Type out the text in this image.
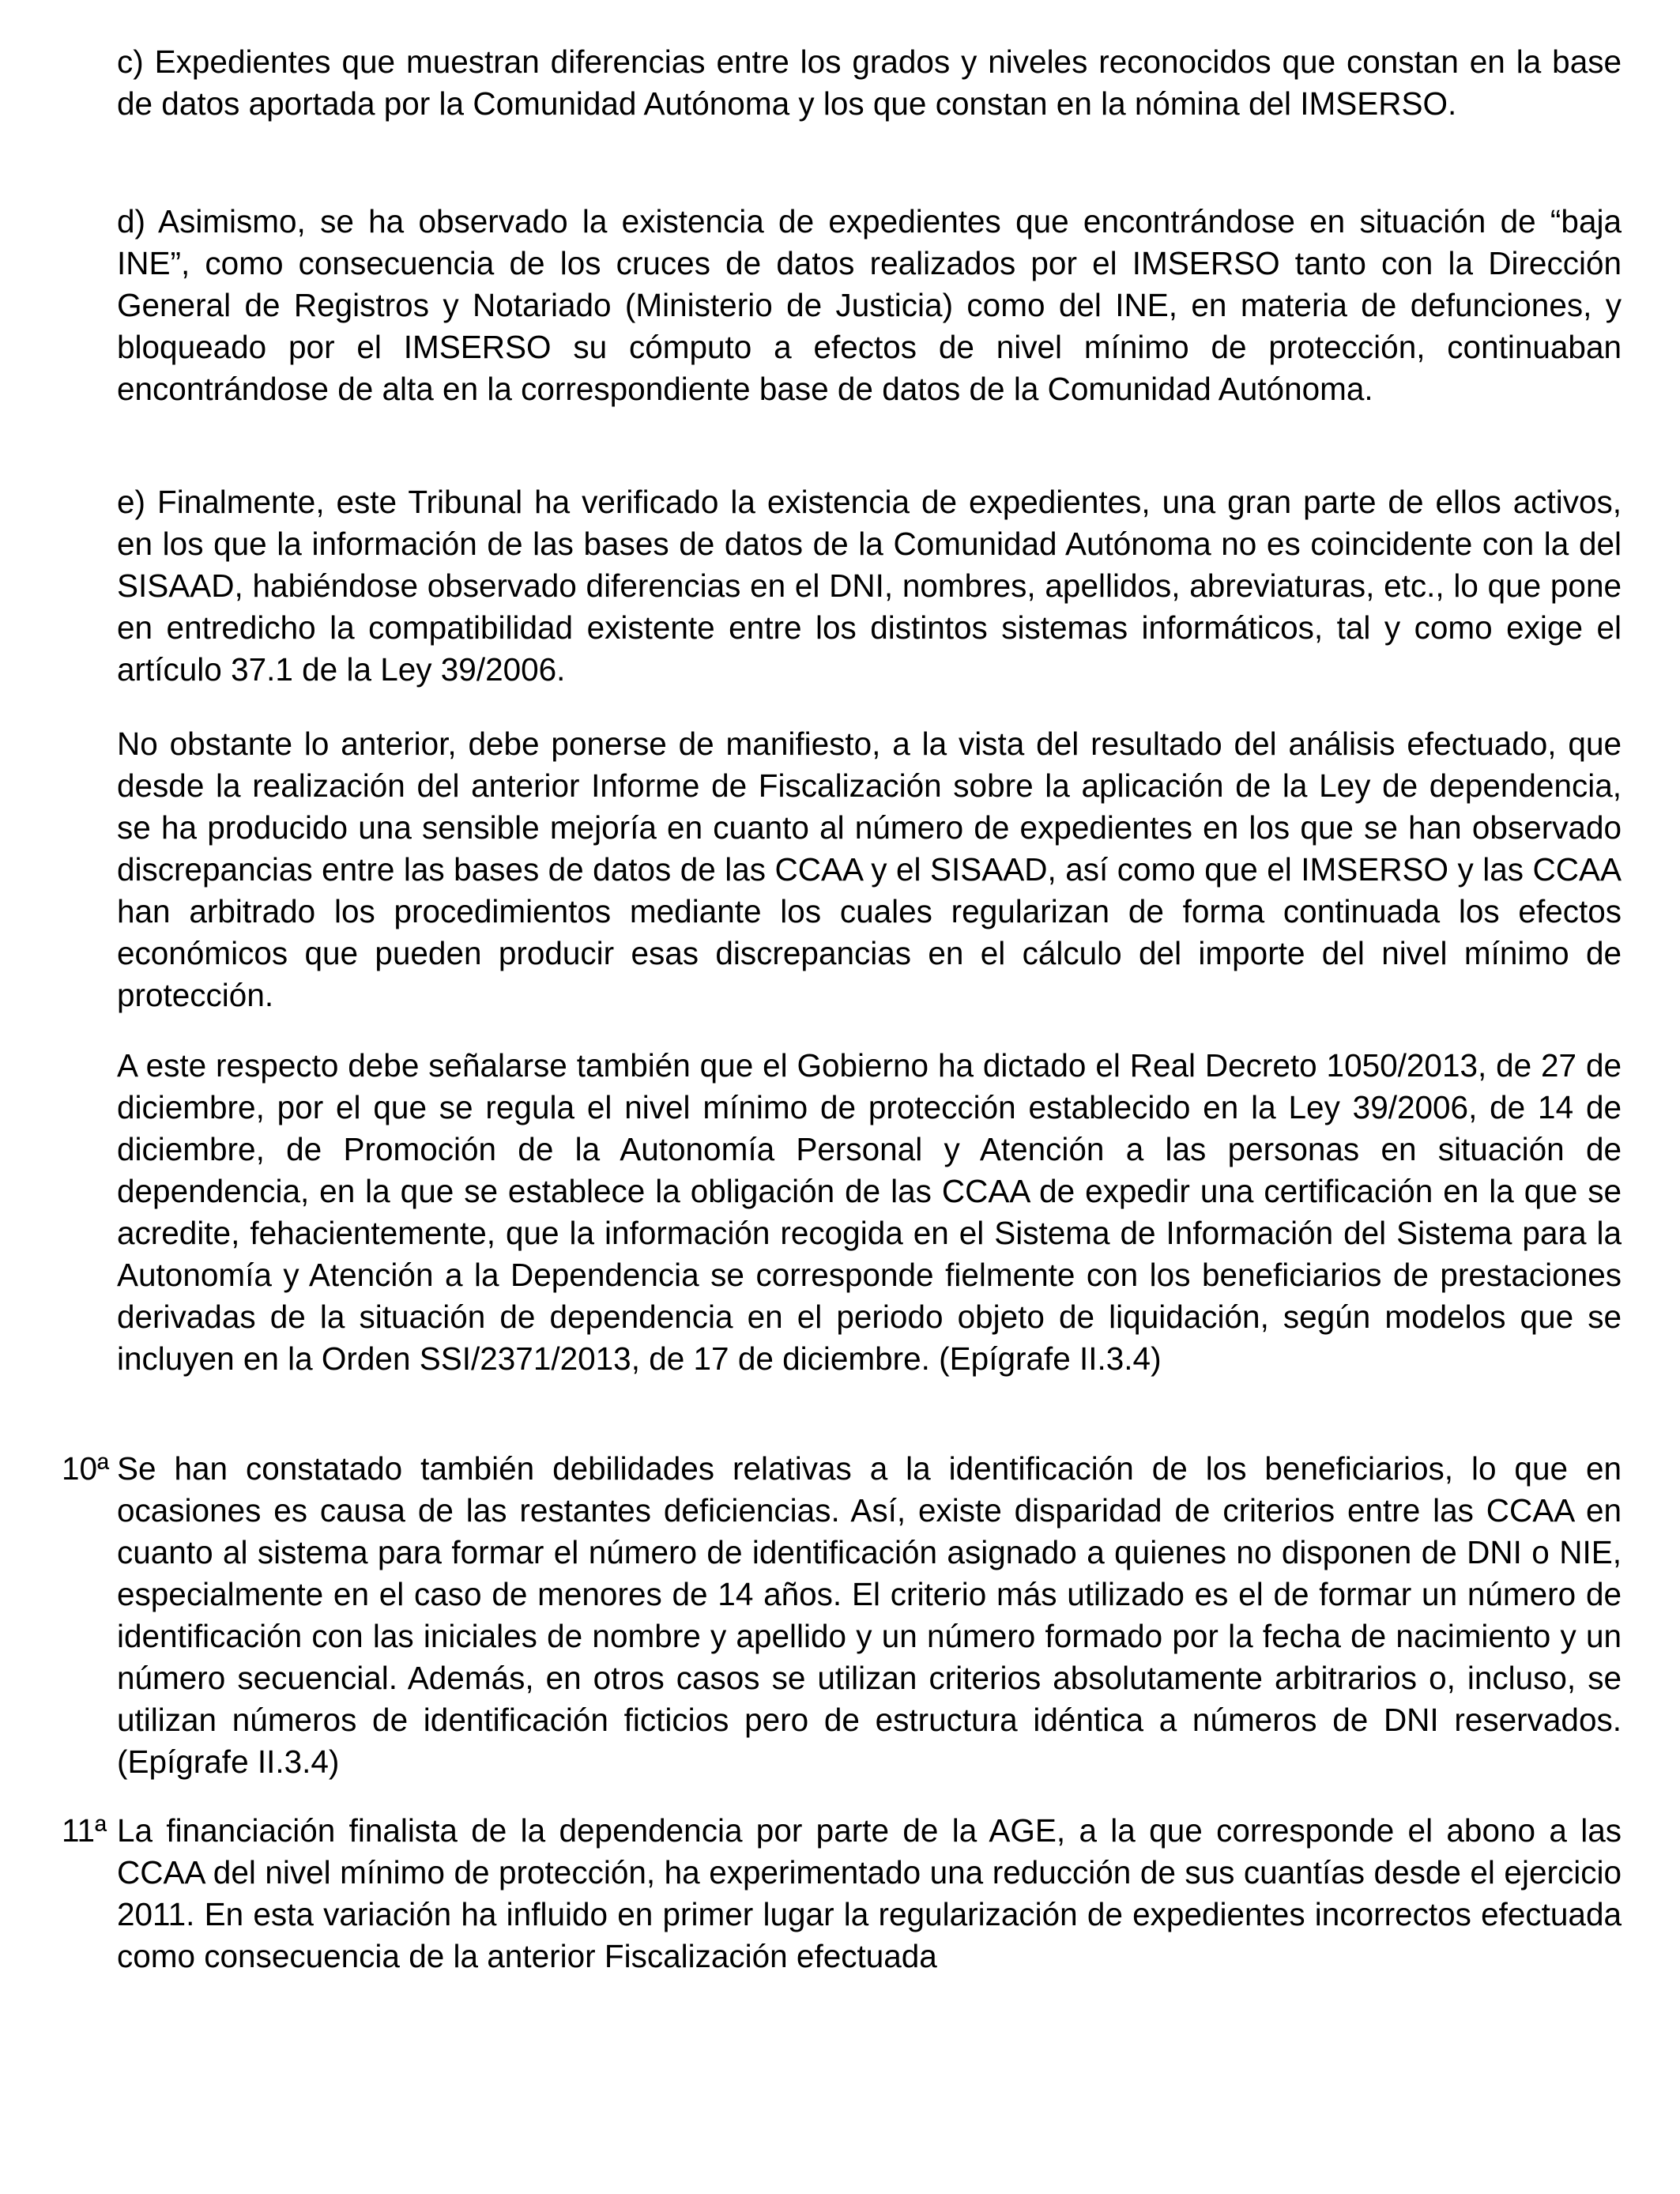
c) Expedientes que muestran diferencias entre los grados y niveles reconocidos que constan en la base de datos aportada por la Comunidad Autónoma y los que constan en la nómina del IMSERSO.

d) Asimismo, se ha observado la existencia de expedientes que encontrándose en situación de “baja INE”, como consecuencia de los cruces de datos realizados por el IMSERSO tanto con la Dirección General de Registros y Notariado (Ministerio de Justicia) como del INE, en materia de defunciones, y bloqueado por el IMSERSO su cómputo a efectos de nivel mínimo de protección, continuaban encontrándose de alta en la correspondiente base de datos de la Comunidad Autónoma.

e) Finalmente, este Tribunal ha verificado la existencia de expedientes, una gran parte de ellos activos, en los que la información de las bases de datos de la Comunidad Autónoma no es coincidente con la del SISAAD, habiéndose observado diferencias en el DNI, nombres, apellidos, abreviaturas, etc., lo que pone en entredicho la compatibilidad existente entre los distintos sistemas informáticos, tal y como exige el artículo 37.1 de la Ley 39/2006.

No obstante lo anterior, debe ponerse de manifiesto, a la vista del resultado del análisis efectuado, que desde la realización del anterior Informe de Fiscalización sobre la aplicación de la Ley de dependencia, se ha producido una sensible mejoría en cuanto al número de expedientes en los que se han observado discrepancias entre las bases de datos de las CCAA y el SISAAD, así como que el IMSERSO y las CCAA han arbitrado los procedimientos mediante los cuales regularizan de forma continuada los efectos económicos que pueden producir esas discrepancias en el cálculo del importe del nivel mínimo de protección.

A este respecto debe señalarse también que el Gobierno ha dictado el Real Decreto 1050/2013, de 27 de diciembre, por el que se regula el nivel mínimo de protección establecido en la Ley 39/2006, de 14 de diciembre, de Promoción de la Autonomía Personal y Atención a las personas en situación de dependencia, en la que se establece la obligación de las CCAA de expedir una certificación en la que se acredite, fehacientemente, que la información recogida en el Sistema de Información del Sistema para la Autonomía y Atención a la Dependencia se corresponde fielmente con los beneficiarios de prestaciones derivadas de la situación de dependencia en el periodo objeto de liquidación, según modelos que se incluyen en la Orden SSI/2371/2013, de 17 de diciembre. (Epígrafe II.3.4)

10ª Se han constatado también debilidades relativas a la identificación de los beneficiarios, lo que en ocasiones es causa de las restantes deficiencias. Así, existe disparidad de criterios entre las CCAA en cuanto al sistema para formar el número de identificación asignado a quienes no disponen de DNI o NIE, especialmente en el caso de menores de 14 años. El criterio más utilizado es el de formar un número de identificación con las iniciales de nombre y apellido y un número formado por la fecha de nacimiento y un número secuencial. Además, en otros casos se utilizan criterios absolutamente arbitrarios o, incluso, se utilizan números de identificación ficticios pero de estructura idéntica a números de DNI reservados. (Epígrafe II.3.4)

11ª La financiación finalista de la dependencia por parte de la AGE, a la que corresponde el abono a las CCAA del nivel mínimo de protección, ha experimentado una reducción de sus cuantías desde el ejercicio 2011. En esta variación ha influido en primer lugar la regularización de expedientes incorrectos efectuada como consecuencia de la anterior Fiscalización efectuada
